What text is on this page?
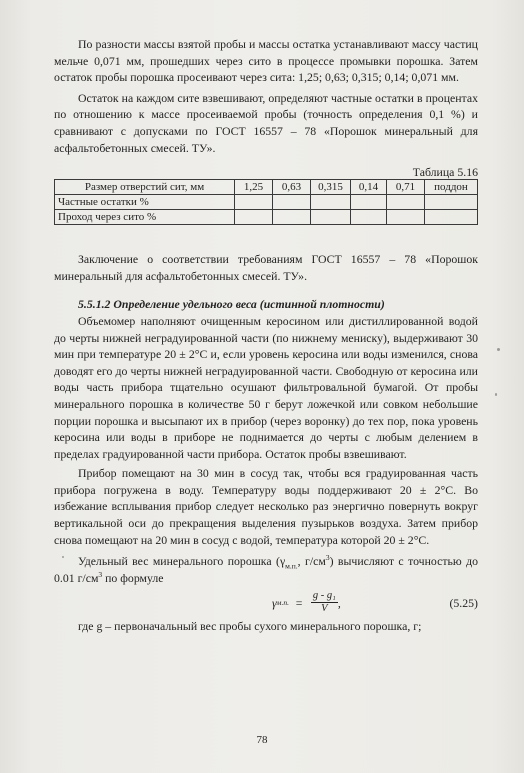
По разности массы взятой пробы и массы остатка устанавливают массу частиц мельче 0,071 мм, прошедших через сито в процессе промывки порошка. Затем остаток пробы порошка просеивают через сита: 1,25; 0,63; 0,315; 0,14; 0,071 мм.

Остаток на каждом сите взвешивают, определяют частные остатки в процентах по отношению к массе просеиваемой пробы (точность определения 0,1 %) и сравнивают с допусками по ГОСТ 16557 – 78 «Порошок минеральный для асфальтобетонных смесей. ТУ».

Таблица 5.16
Размер отверстий сит, мм	1,25	0,63	0,315	0,14	0,71	поддон
Частные остатки %						
Проход через сито %						

Заключение о соответствии требованиям ГОСТ 16557 – 78 «Порошок минеральный для асфальтобетонных смесей. ТУ».

5.5.1.2 Определение удельного веса (истинной плотности)

Объемомер наполняют очищенным керосином или дистиллированной водой до черты нижней неградуированной части (по нижнему мениску), выдерживают 30 мин при температуре 20 ± 2°С и, если уровень керосина или воды изменился, снова доводят его до черты нижней неградуированной части. Свободную от керосина или воды часть прибора тщательно осушают фильтровальной бумагой. От пробы минерального порошка в количестве 50 г берут ложечкой или совком небольшие порции порошка и высыпают их в прибор (через воронку) до тех пор, пока уровень керосина или воды в приборе не поднимается до черты с любым делением в пределах градуированной части прибора. Остаток пробы взвешивают.

Прибор помещают на 30 мин в сосуд так, чтобы вся градуированная часть прибора погружена в воду. Температуру воды поддерживают 20 ± 2°С. Во избежание всплывания прибор следует несколько раз энергично повернуть вокруг вертикальной оси до прекращения выделения пузырьков воздуха. Затем прибор снова помещают на 20 мин в сосуд с водой, температура которой 20 ± 2°С.

Удельный вес минерального порошка ($\gamma_{м.п.}$, $г/см^3$) вычисляют с точностью до 0.01 $г/см^3$ по формуле

γ м.п. = $\frac{\text{g - g₁}}{V}$ ,	(5.25)

где g – первоначальный вес пробы сухого минерального порошка, г;

78
